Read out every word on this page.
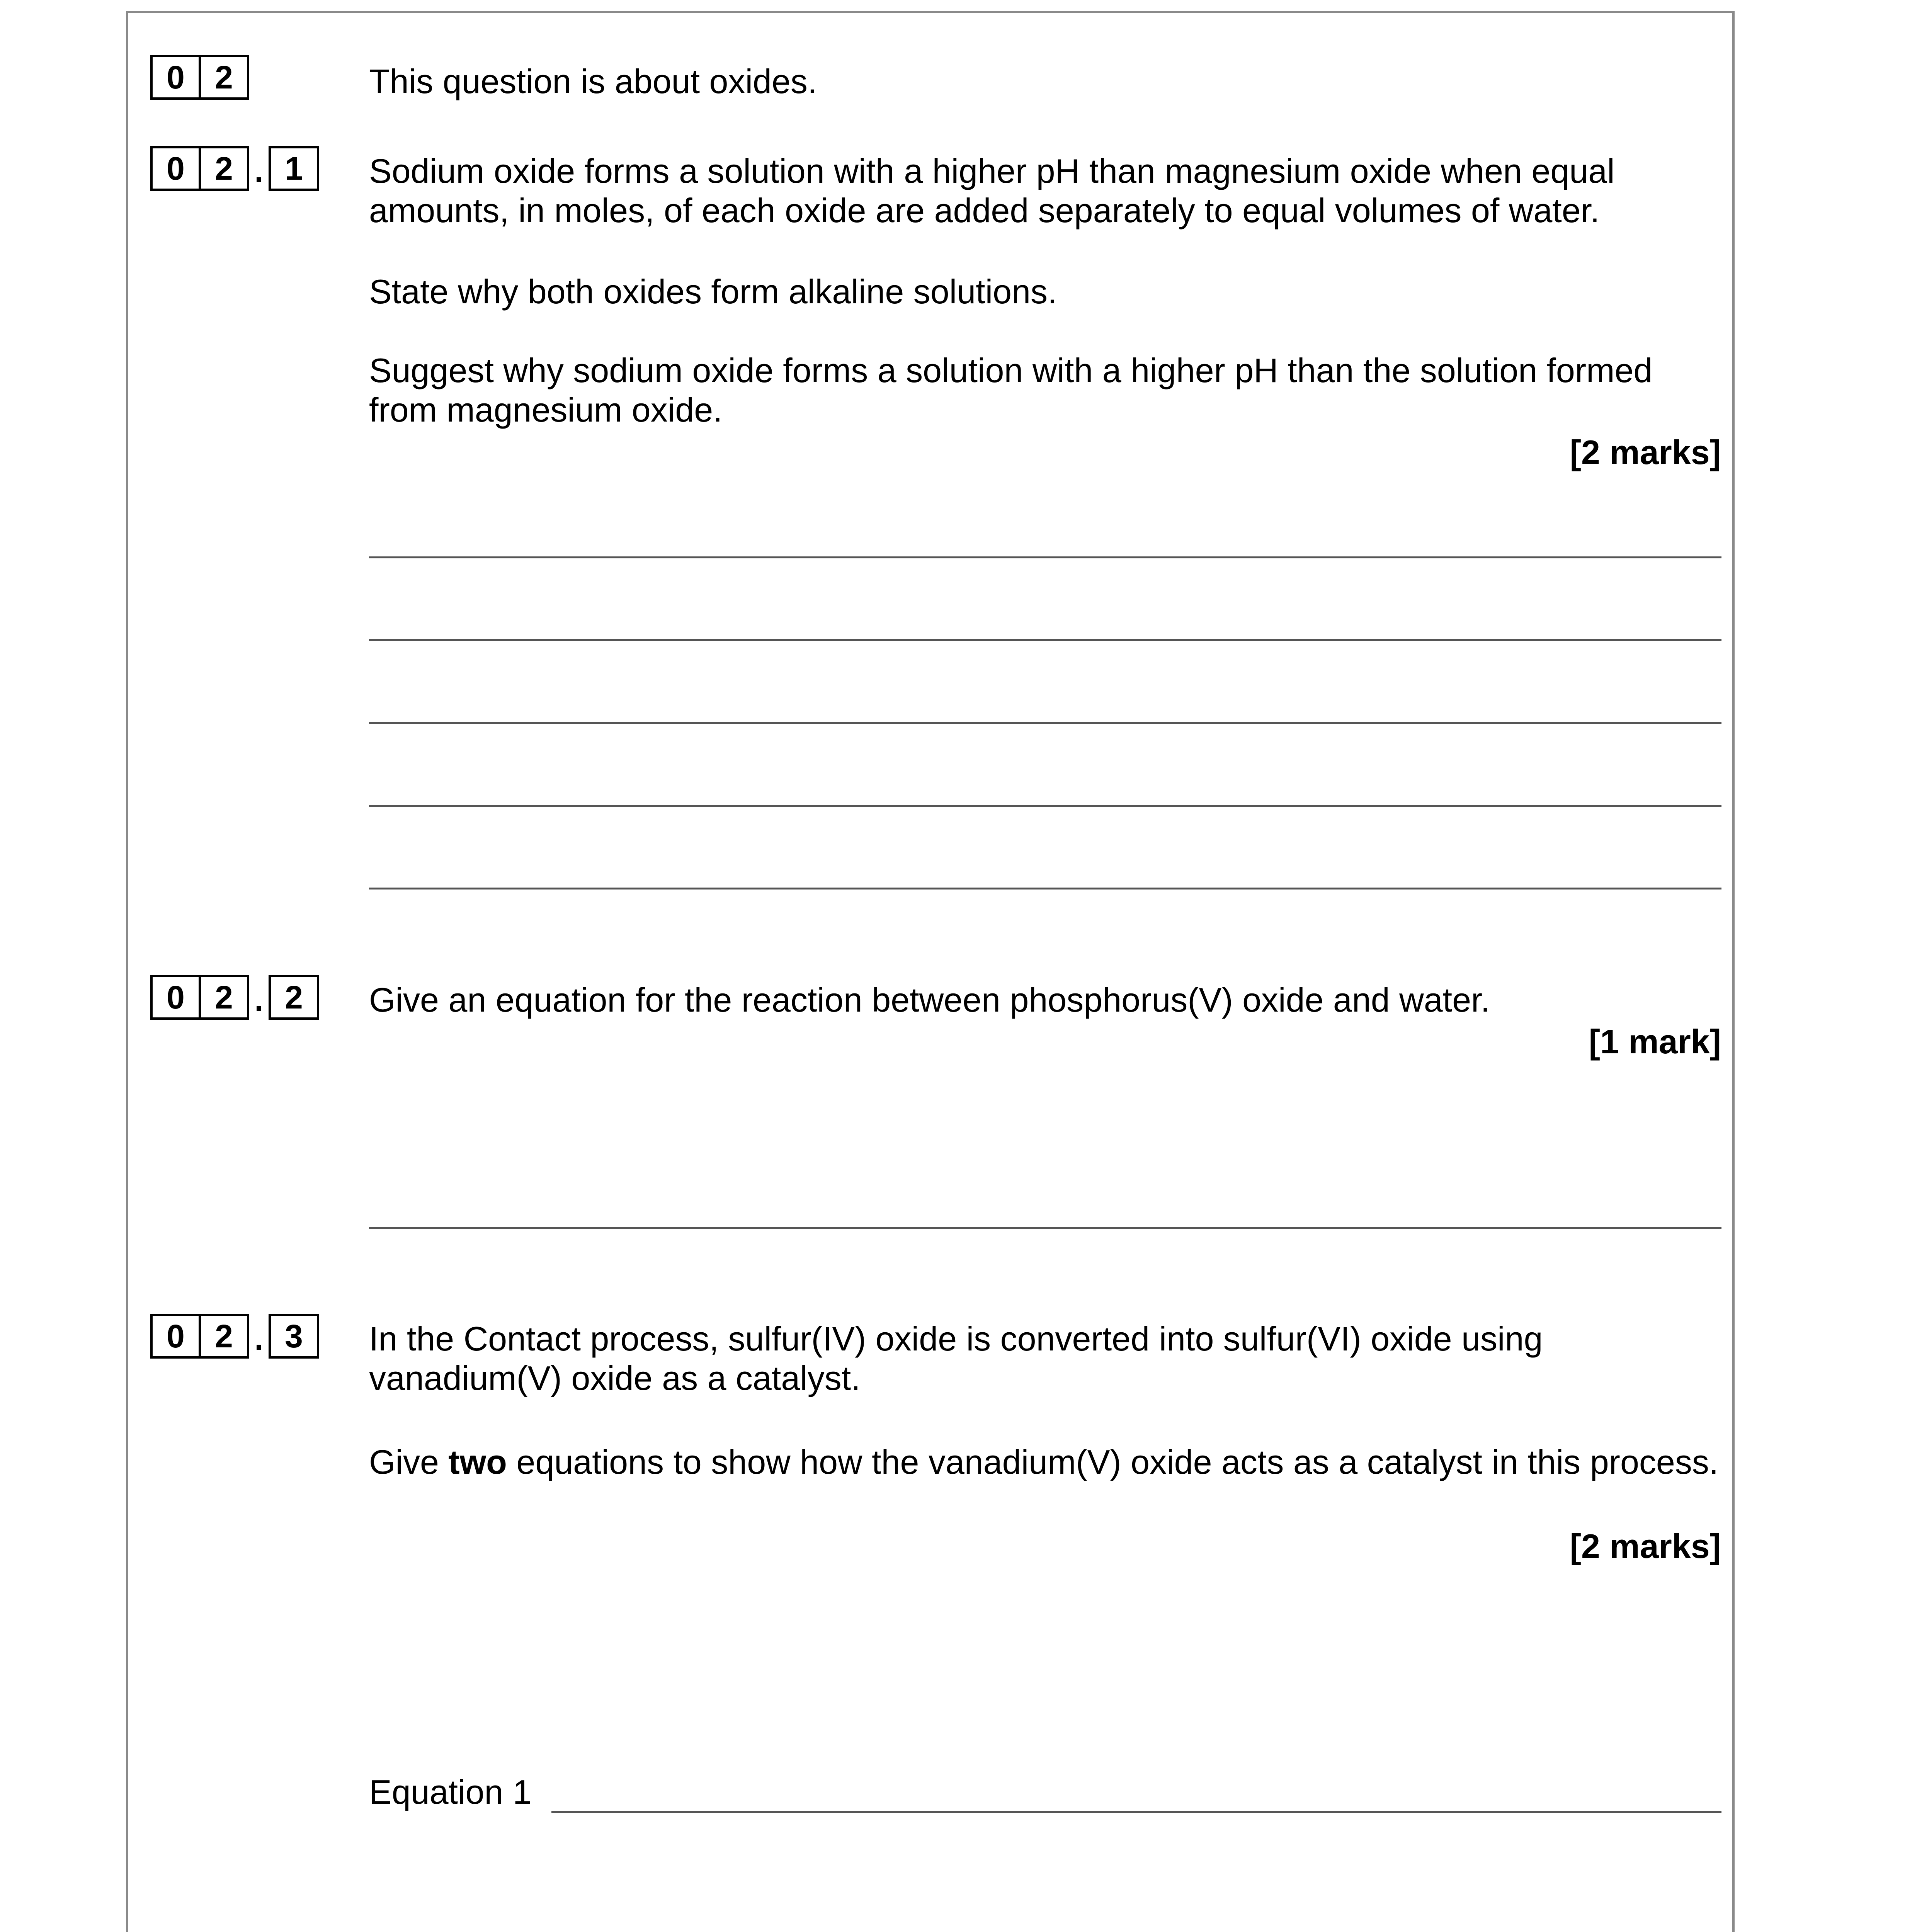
0 2	This question is about oxides.

0 2 . 1	Sodium oxide forms a solution with a higher pH than magnesium oxide when equal amounts, in moles, of each oxide are added separately to equal volumes of water.

State why both oxides form alkaline solutions.

Suggest why sodium oxide forms a solution with a higher pH than the solution formed from magnesium oxide.

[2 marks]

0 2 . 2	Give an equation for the reaction between phosphorus(V) oxide and water.

[1 mark]

0 2 . 3	In the Contact process, sulfur(IV) oxide is converted into sulfur(VI) oxide using vanadium(V) oxide as a catalyst.

Give two equations to show how the vanadium(V) oxide acts as a catalyst in this process.

[2 marks]

Equation 1
